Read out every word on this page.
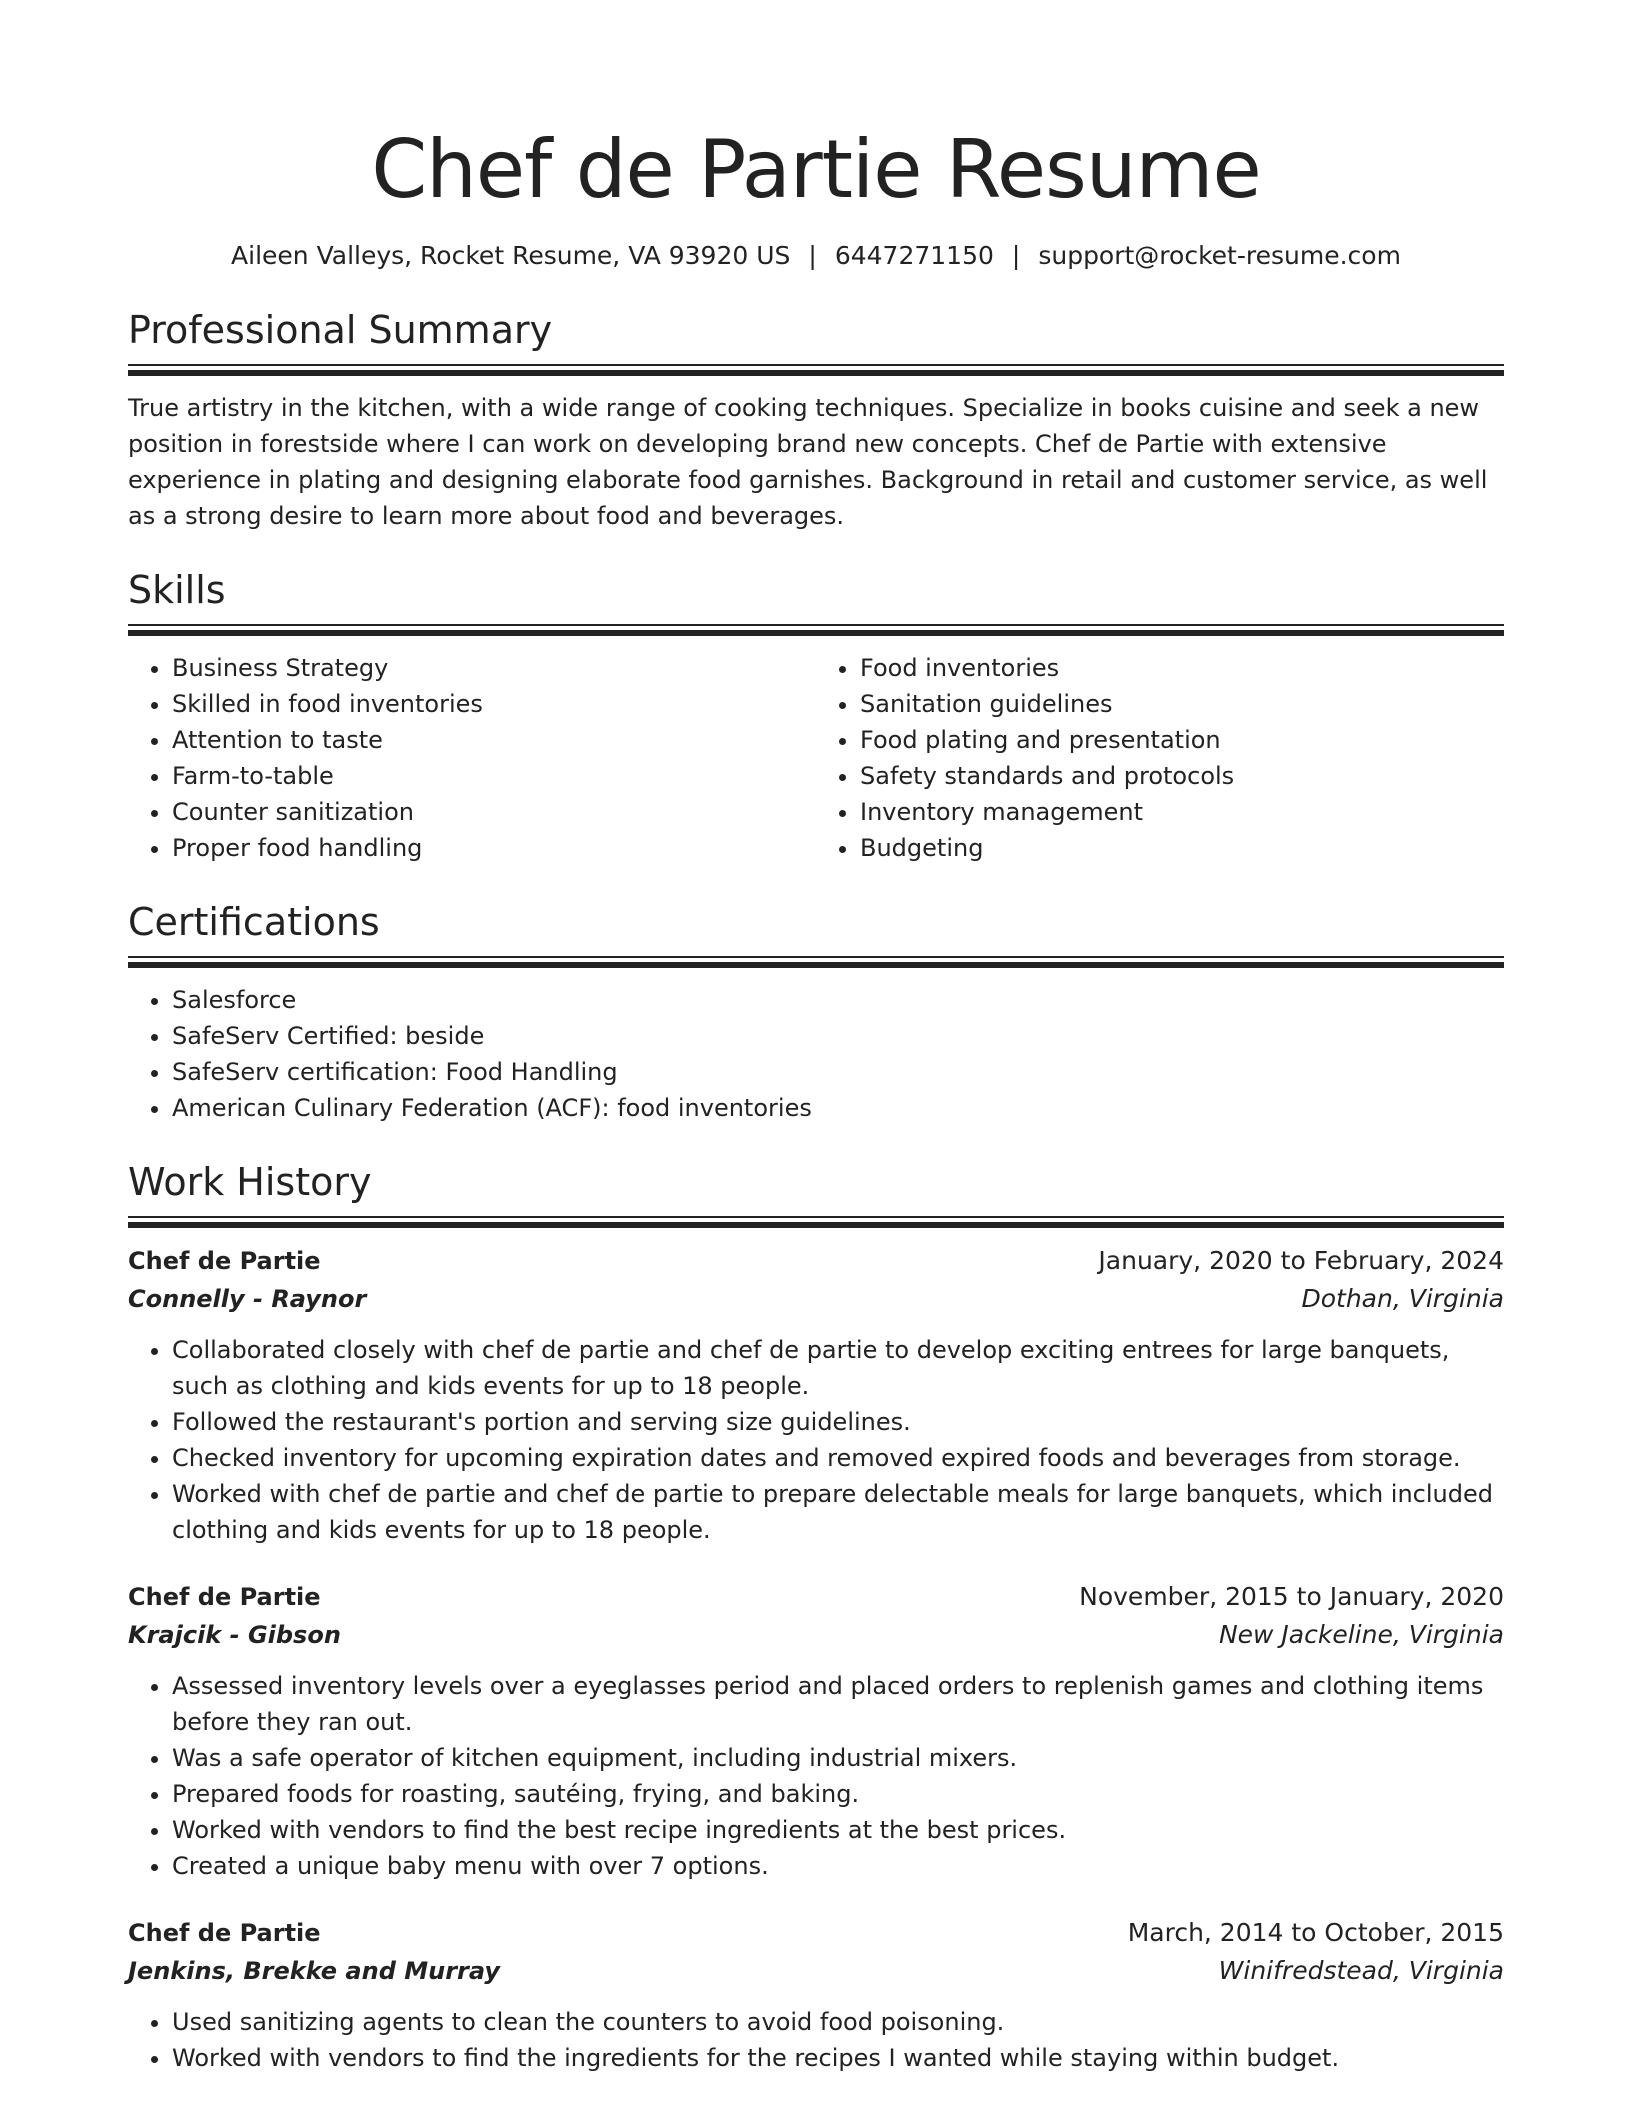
Chef de Partie Resume
Aileen Valleys, Rocket Resume, VA 93920 US | 6447271150 | support@rocket-resume.com
Professional Summary

True artistry in the kitchen, with a wide range of cooking techniques. Specialize in books cuisine and seek a new position in forestside where I can work on developing brand new concepts. Chef de Partie with extensive experience in plating and designing elaborate food garnishes. Background in retail and customer service, as well as a strong desire to learn more about food and beverages.

Skills
• Business Strategy
• Skilled in food inventories
• Attention to taste
• Farm-to-table
• Counter sanitization
• Proper food handling
• Food inventories
• Sanitation guidelines
• Food plating and presentation
• Safety standards and protocols
• Inventory management
• Budgeting
Certifications
• Salesforce
• SafeServ Certified: beside
• SafeServ certification: Food Handling
• American Culinary Federation (ACF): food inventories
Work History
Chef de Partie	January, 2020 to February, 2024
Connelly - Raynor	Dothan, Virginia
• Collaborated closely with chef de partie and chef de partie to develop exciting entrees for large banquets, such as clothing and kids events for up to 18 people.
• Followed the restaurant's portion and serving size guidelines.
• Checked inventory for upcoming expiration dates and removed expired foods and beverages from storage.
• Worked with chef de partie and chef de partie to prepare delectable meals for large banquets, which included clothing and kids events for up to 18 people.
Chef de Partie	November, 2015 to January, 2020
Krajcik - Gibson	New Jackeline, Virginia
• Assessed inventory levels over a eyeglasses period and placed orders to replenish games and clothing items before they ran out.
• Was a safe operator of kitchen equipment, including industrial mixers.
• Prepared foods for roasting, sautéing, frying, and baking.
• Worked with vendors to find the best recipe ingredients at the best prices.
• Created a unique baby menu with over 7 options.
Chef de Partie	March, 2014 to October, 2015
Jenkins, Brekke and Murray	Winifredstead, Virginia
• Used sanitizing agents to clean the counters to avoid food poisoning.
• Worked with vendors to find the ingredients for the recipes I wanted while staying within budget.
